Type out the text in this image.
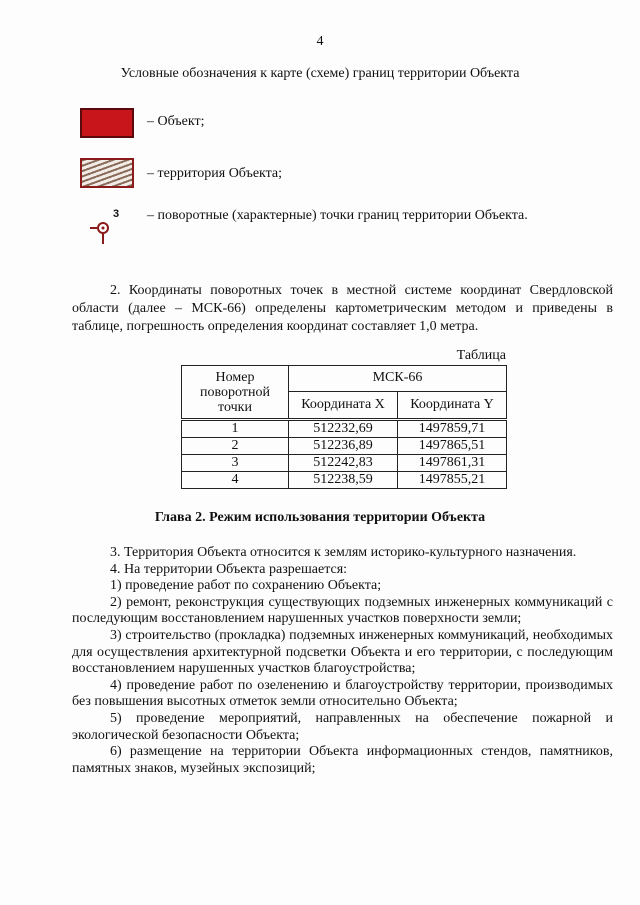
4
Условные обозначения к карте (схеме) границ территории Объекта
– Объект;
– территория Объекта;
3 – поворотные (характерные) точки границ территории Объекта.

2. Координаты поворотных точек в местной системе координат Свердловской области (далее – МСК-66) определены картометрическим методом и приведены в таблице, погрешность определения координат составляет 1,0 метра.

Таблица
Номер поворотной точки	МСК-66	
	Координата X	Координата Y
1	512232,69	1497859,71
2	512236,89	1497865,51
3	512242,83	1497861,31
4	512238,59	1497855,21
Глава 2. Режим использования территории Объекта

3. Территория Объекта относится к землям историко-культурного назначения.

4. На территории Объекта разрешается:

1) проведение работ по сохранению Объекта;

2) ремонт, реконструкция существующих подземных инженерных коммуникаций с последующим восстановлением нарушенных участков поверхности земли;

3) строительство (прокладка) подземных инженерных коммуникаций, необходимых для осуществления архитектурной подсветки Объекта и его территории, с последующим восстановлением нарушенных участков благоустройства;

4) проведение работ по озеленению и благоустройству территории, производимых без повышения высотных отметок земли относительно Объекта;

5) проведение мероприятий, направленных на обеспечение пожарной и экологической безопасности Объекта;

6) размещение на территории Объекта информационных стендов, памятников, памятных знаков, музейных экспозиций;
